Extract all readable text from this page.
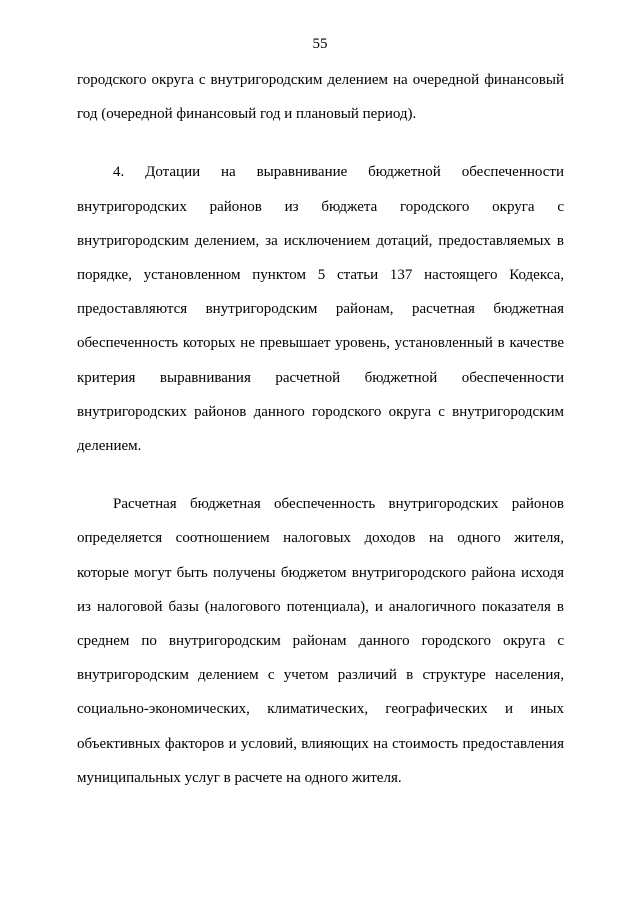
55
городского округа с внутригородским делением на очередной финансовый
год (очередной финансовый год и плановый период).
4. Дотации на выравнивание бюджетной обеспеченности
внутригородских районов из бюджета городского округа с
внутригородским делением, за исключением дотаций, предоставляемых в
порядке, установленном пунктом 5 статьи 137 настоящего Кодекса,
предоставляются внутригородским районам, расчетная бюджетная
обеспеченность которых не превышает уровень, установленный в качестве
критерия выравнивания расчетной бюджетной обеспеченности
внутригородских районов данного городского округа с внутригородским
делением.
Расчетная бюджетная обеспеченность внутригородских районов
определяется соотношением налоговых доходов на одного жителя,
которые могут быть получены бюджетом внутригородского района исходя
из налоговой базы (налогового потенциала), и аналогичного показателя в
среднем по внутригородским районам данного городского округа с
внутригородским делением с учетом различий в структуре населения,
социально-экономических, климатических, географических и иных
объективных факторов и условий, влияющих на стоимость предоставления
муниципальных услуг в расчете на одного жителя.
